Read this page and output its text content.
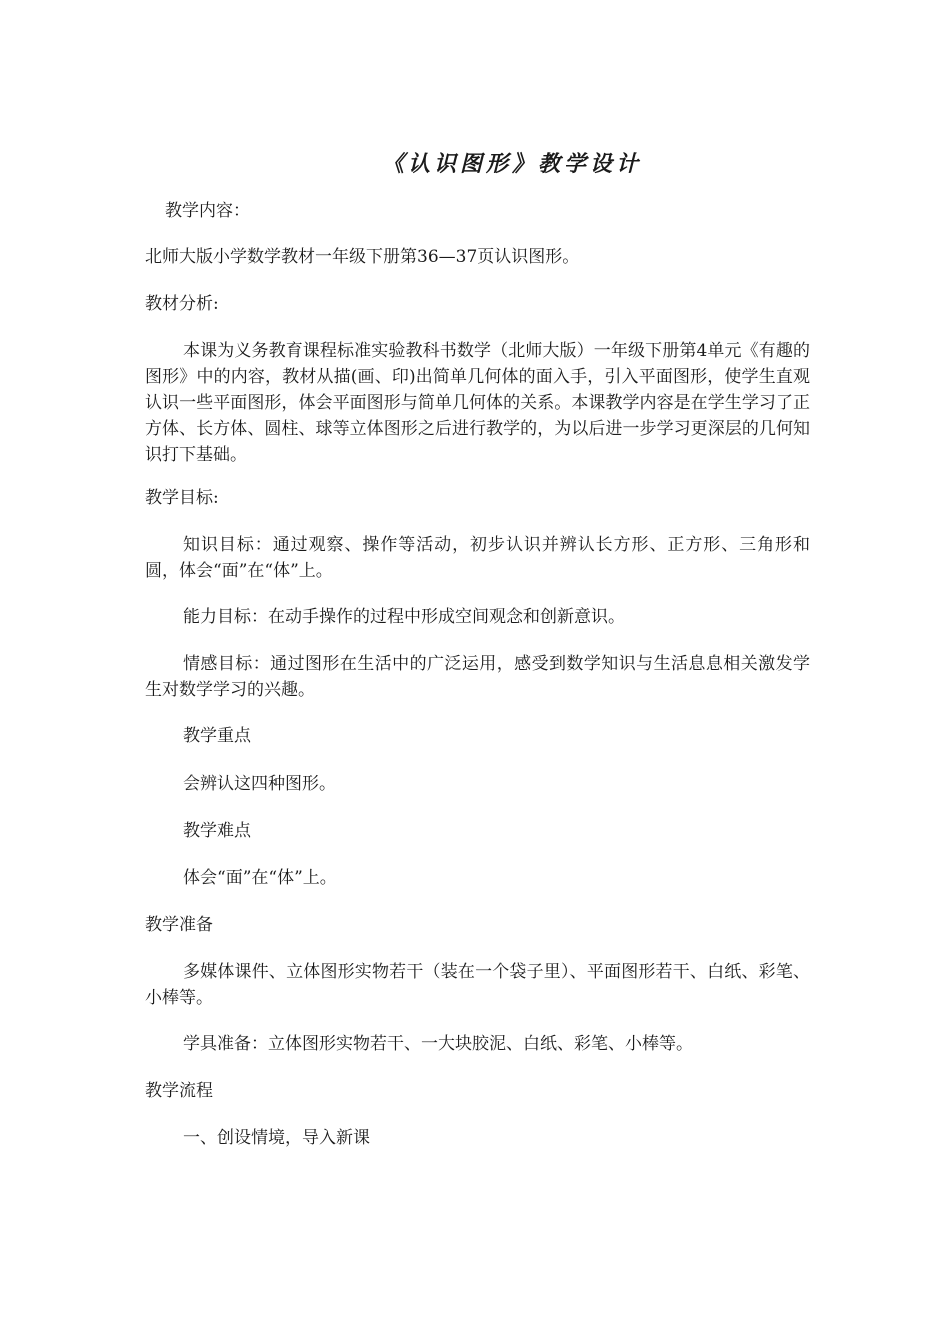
《认识图形》教学设计

教学内容：

北师大版小学数学教材一年级下册第36—37页认识图形。

教材分析:

本课为义务教育课程标准实验教科书数学（北师大版）一年级下册第4单元《有趣的图形》中的内容，教材从描(画、印)出简单几何体的面入手，引入平面图形，使学生直观认识一些平面图形，体会平面图形与简单几何体的关系。本课教学内容是在学生学习了正方体、长方体、圆柱、球等立体图形之后进行教学的，为以后进一步学习更深层的几何知识打下基础。

教学目标:

知识目标：通过观察、操作等活动，初步认识并辨认长方形、正方形、三角形和圆，体会“面”在“体”上。

能力目标：在动手操作的过程中形成空间观念和创新意识。

情感目标：通过图形在生活中的广泛运用，感受到数学知识与生活息息相关激发学生对数学学习的兴趣。

教学重点

会辨认这四种图形。

教学难点

体会“面”在“体”上。

教学准备

多媒体课件、立体图形实物若干（装在一个袋子里）、平面图形若干、白纸、彩笔、小棒等。

学具准备：立体图形实物若干、一大块胶泥、白纸、彩笔、小棒等。

教学流程

一、创设情境，导入新课
